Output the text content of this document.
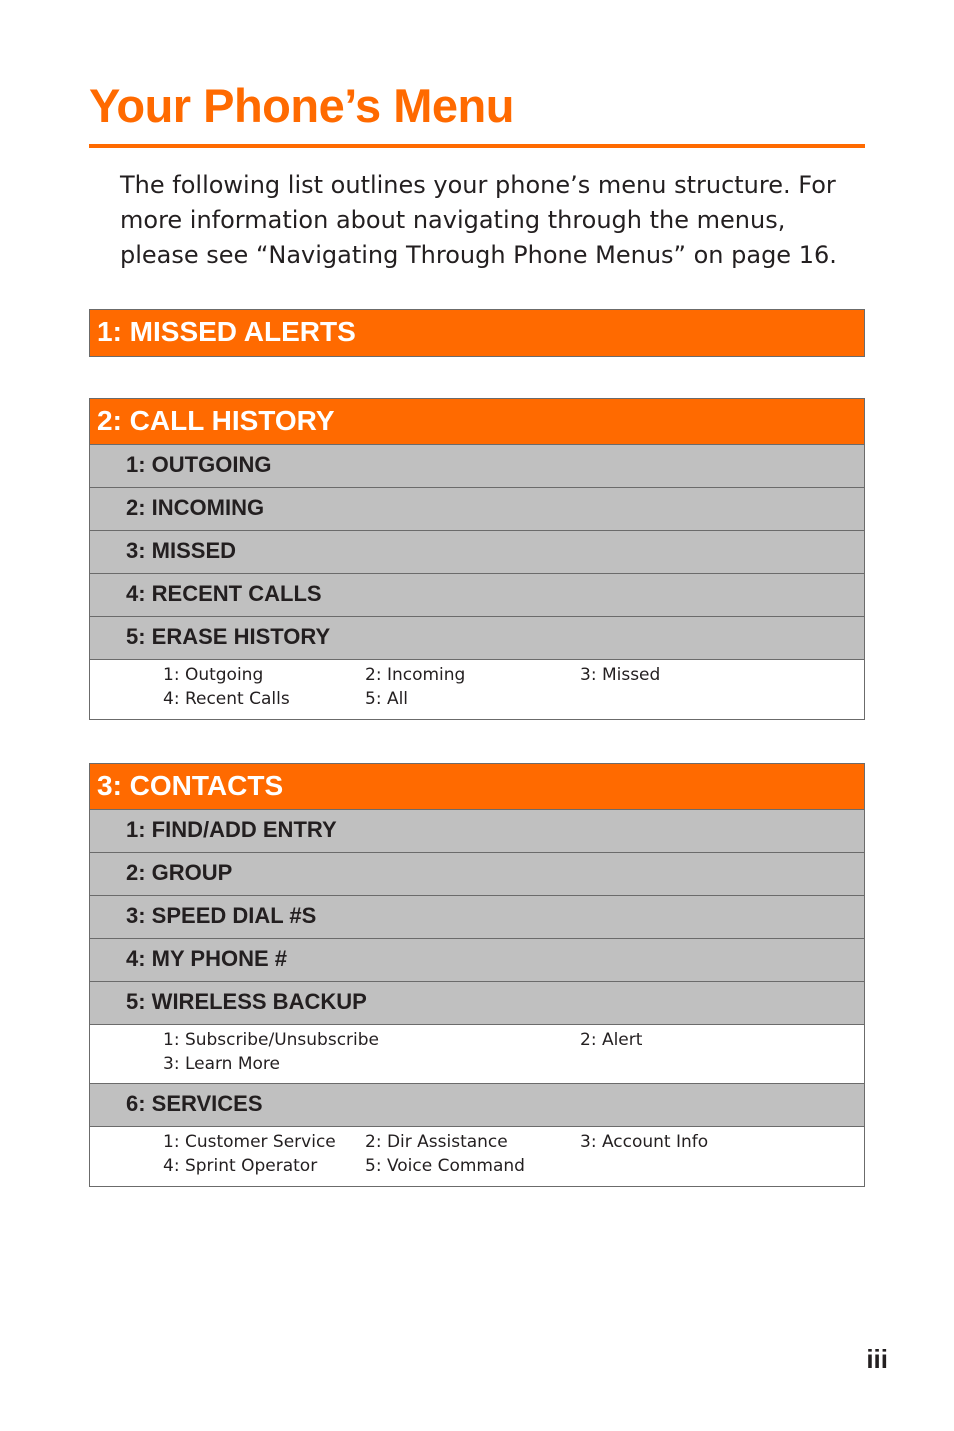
Your Phone’s Menu

The following list outlines your phone’s menu structure. For
more information about navigating through the menus,
please see “Navigating Through Phone Menus” on page 16.

1: MISSED ALERTS
2: CALL HISTORY
1: OUTGOING
2: INCOMING
3: MISSED
4: RECENT CALLS
5: ERASE HISTORY
1: Outgoing	2: Incoming	3: Missed
4: Recent Calls	5: All
3: CONTACTS
1: FIND/ADD ENTRY
2: GROUP
3: SPEED DIAL #S
4: MY PHONE #
5: WIRELESS BACKUP
1: Subscribe/Unsubscribe	2: Alert
3: Learn More
6: SERVICES
1: Customer Service 2: Dir Assistance	3: Account Info
4: Sprint Operator	5: Voice Command
iii
